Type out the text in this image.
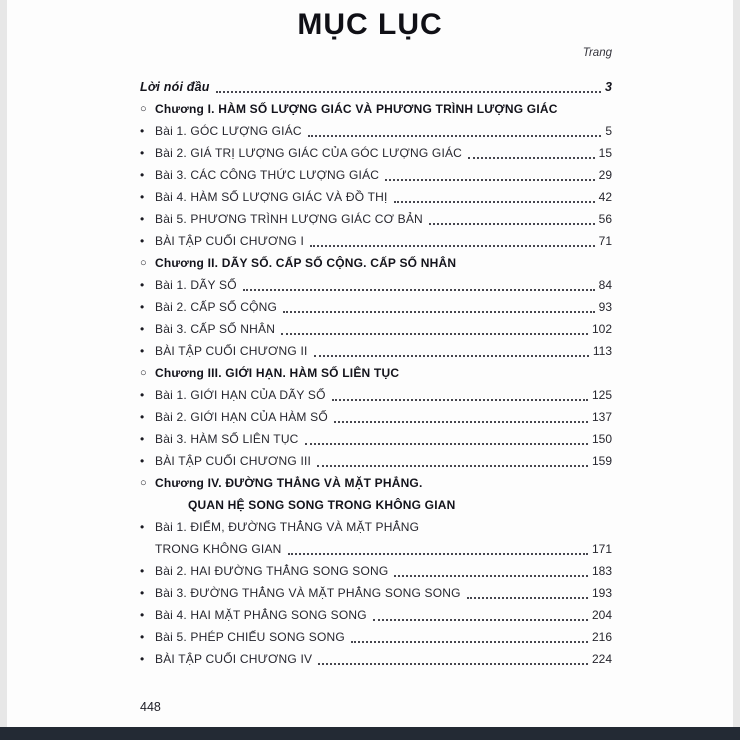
MỤC LỤC
Trang
Lời nói đầu	3
○ Chương I. HÀM SỐ LƯỢNG GIÁC VÀ PHƯƠNG TRÌNH LƯỢNG GIÁC
• Bài 1. GÓC LƯỢNG GIÁC	5
• Bài 2. GIÁ TRỊ LƯỢNG GIÁC CỦA GÓC LƯỢNG GIÁC	15
• Bài 3. CÁC CÔNG THỨC LƯỢNG GIÁC	29
• Bài 4. HÀM SỐ LƯỢNG GIÁC VÀ ĐỒ THỊ	42
• Bài 5. PHƯƠNG TRÌNH LƯỢNG GIÁC CƠ BẢN	56
• BÀI TẬP CUỐI CHƯƠNG I	71
○ Chương II. DÃY SỐ. CẤP SỐ CỘNG. CẤP SỐ NHÂN
• Bài 1. DÃY SỐ	84
• Bài 2. CẤP SỐ CỘNG	93
• Bài 3. CẤP SỐ NHÂN	102
• BÀI TẬP CUỐI CHƯƠNG II	113
○ Chương III. GIỚI HẠN. HÀM SỐ LIÊN TỤC
• Bài 1. GIỚI HẠN CỦA DÃY SỐ	125
• Bài 2. GIỚI HẠN CỦA HÀM SỐ	137
• Bài 3. HÀM SỐ LIÊN TỤC	150
• BÀI TẬP CUỐI CHƯƠNG III	159
○ Chương IV. ĐƯỜNG THẲNG VÀ MẶT PHẲNG.
QUAN HỆ SONG SONG TRONG KHÔNG GIAN
• Bài 1. ĐIỂM, ĐƯỜNG THẲNG VÀ MẶT PHẲNG
TRONG KHÔNG GIAN	171
• Bài 2. HAI ĐƯỜNG THẲNG SONG SONG	183
• Bài 3. ĐƯỜNG THẲNG VÀ MẶT PHẲNG SONG SONG	193
• Bài 4. HAI MẶT PHẲNG SONG SONG	204
• Bài 5. PHÉP CHIẾU SONG SONG	216
• BÀI TẬP CUỐI CHƯƠNG IV	224
448
